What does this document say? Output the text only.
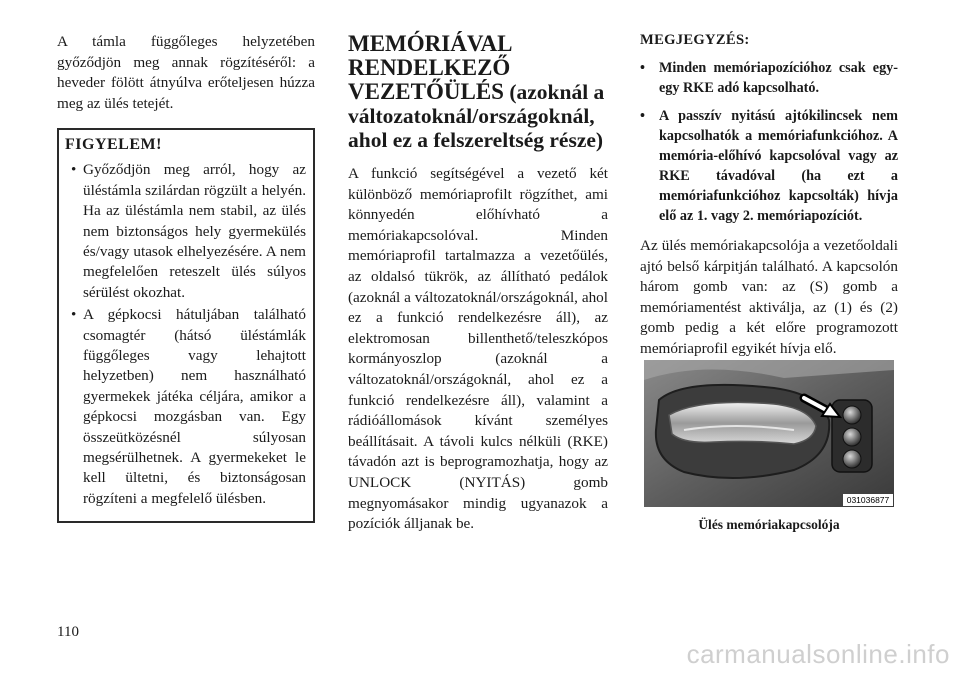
A támla függőleges helyzetében győződjön meg annak rögzítéséről: a heveder fölött átnyúlva erőteljesen húzza meg az ülés tetejét.

FIGYELEM!
• Győződjön meg arról, hogy az üléstámla szilárdan rögzült a helyén. Ha az üléstámla nem stabil, az ülés nem biztonságos hely gyermekülés és/vagy utasok elhelyezésére. A nem megfelelően reteszelt ülés súlyos sérülést okozhat.
• A gépkocsi hátuljában található csomagtér (hátsó üléstámlák függőleges vagy lehajtott helyzetben) nem használható gyermekek játéka céljára, amikor a gépkocsi mozgásban van. Egy összeütközésnél súlyosan megsérülhetnek. A gyermekeket le kell ültetni, és biztonságosan rögzíteni a megfelelő ülésben.
MEMÓRIÁVAL RENDELKEZŐ VEZETŐÜLÉS (azoknál a változatoknál/országoknál, ahol ez a felszereltség része)

A funkció segítségével a vezető két különböző memóriaprofilt rögzíthet, ami könnyedén előhívható a memóriakapcsolóval. Minden memóriaprofil tartalmazza a vezetőülés, az oldalsó tükrök, az állítható pedálok (azoknál a változatoknál/országoknál, ahol ez a funkció rendelkezésre áll), az elektromosan billenthető/teleszkópos kormányoszlop (azoknál a változatoknál/országoknál, ahol ez a funkció rendelkezésre áll), valamint a rádióállomások kívánt személyes beállításait. A távoli kulcs nélküli (RKE) távadón azt is beprogramozhatja, hogy az UNLOCK (NYITÁS) gomb megnyomásakor mindig ugyanazok a pozíciók álljanak be.

MEGJEGYZÉS:
• Minden memóriapozícióhoz csak egy-egy RKE adó kapcsolható.
• A passzív nyitású ajtókilincsek nem kapcsolhatók a memóriafunkcióhoz. A memória-előhívó kapcsolóval vagy az RKE távadóval (ha ezt a memóriafunkcióhoz kapcsolták) hívja elő az 1. vagy 2. memóriapozíciót.

Az ülés memóriakapcsolója a vezetőoldali ajtó belső kárpitján található. A kapcsolón három gomb van: az (S) gomb a memóriamentést aktiválja, az (1) és (2) gomb pedig a két előre programozott memóriaprofil egyikét hívja elő.

031036877
Ülés memóriakapcsolója
110
carmanualsonline.info
